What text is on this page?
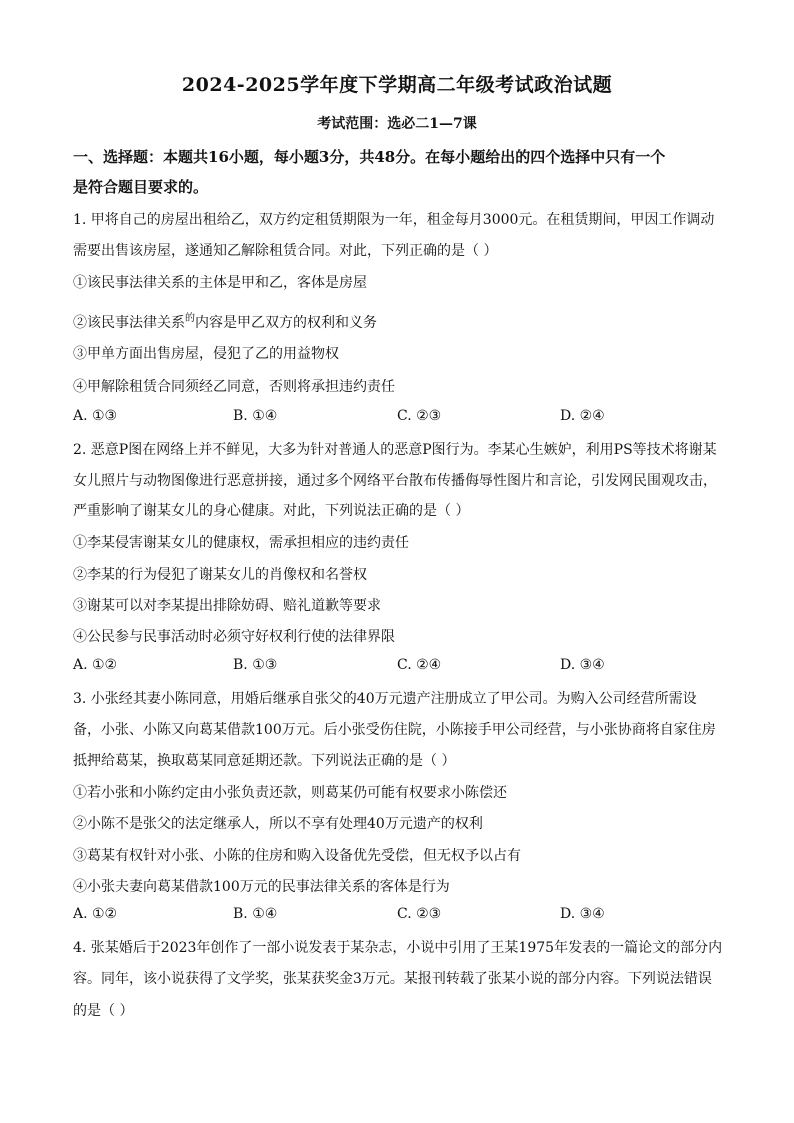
2024-2025学年度下学期高二年级考试政治试题
考试范围：选必二1—7课
一、选择题：本题共16小题，每小题3分，共48分。在每小题给出的四个选择中只有一个
是符合题目要求的。
1. 甲将自己的房屋出租给乙，双方约定租赁期限为一年，租金每月3000元。在租赁期间，甲因工作调动
需要出售该房屋，遂通知乙解除租赁合同。对此，下列正确的是（ ）
①该民事法律关系的主体是甲和乙，客体是房屋
②该民事法律关系$^的$内容是甲乙双方的权利和义务
③甲单方面出售房屋，侵犯了乙的用益物权
④甲解除租赁合同须经乙同意，否则将承担违约责任
A. ①③	B. ①④	C. ②③	D. ②④
2. 恶意P图在网络上并不鲜见，大多为针对普通人的恶意P图行为。李某心生嫉妒，利用PS等技术将谢某
女儿照片与动物图像进行恶意拼接，通过多个网络平台散布传播侮辱性图片和言论，引发网民围观攻击，
严重影响了谢某女儿的身心健康。对此，下列说法正确的是（ ）
①李某侵害谢某女儿的健康权，需承担相应的违约责任
②李某的行为侵犯了谢某女儿的肖像权和名誉权
③谢某可以对李某提出排除妨碍、赔礼道歉等要求
④公民参与民事活动时必须守好权利行使的法律界限
A. ①②	B. ①③	C. ②④	D. ③④
3. 小张经其妻小陈同意，用婚后继承自张父的40万元遗产注册成立了甲公司。为购入公司经营所需设
备，小张、小陈又向葛某借款100万元。后小张受伤住院，小陈接手甲公司经营，与小张协商将自家住房
抵押给葛某，换取葛某同意延期还款。下列说法正确的是（ ）
①若小张和小陈约定由小张负责还款，则葛某仍可能有权要求小陈偿还
②小陈不是张父的法定继承人，所以不享有处理40万元遗产的权利
③葛某有权针对小张、小陈的住房和购入设备优先受偿，但无权予以占有
④小张夫妻向葛某借款100万元的民事法律关系的客体是行为
A. ①②	B. ①④	C. ②③	D. ③④
4. 张某婚后于2023年创作了一部小说发表于某杂志，小说中引用了王某1975年发表的一篇论文的部分内
容。同年，该小说获得了文学奖，张某获奖金3万元。某报刊转载了张某小说的部分内容。下列说法错误
的是（ ）
